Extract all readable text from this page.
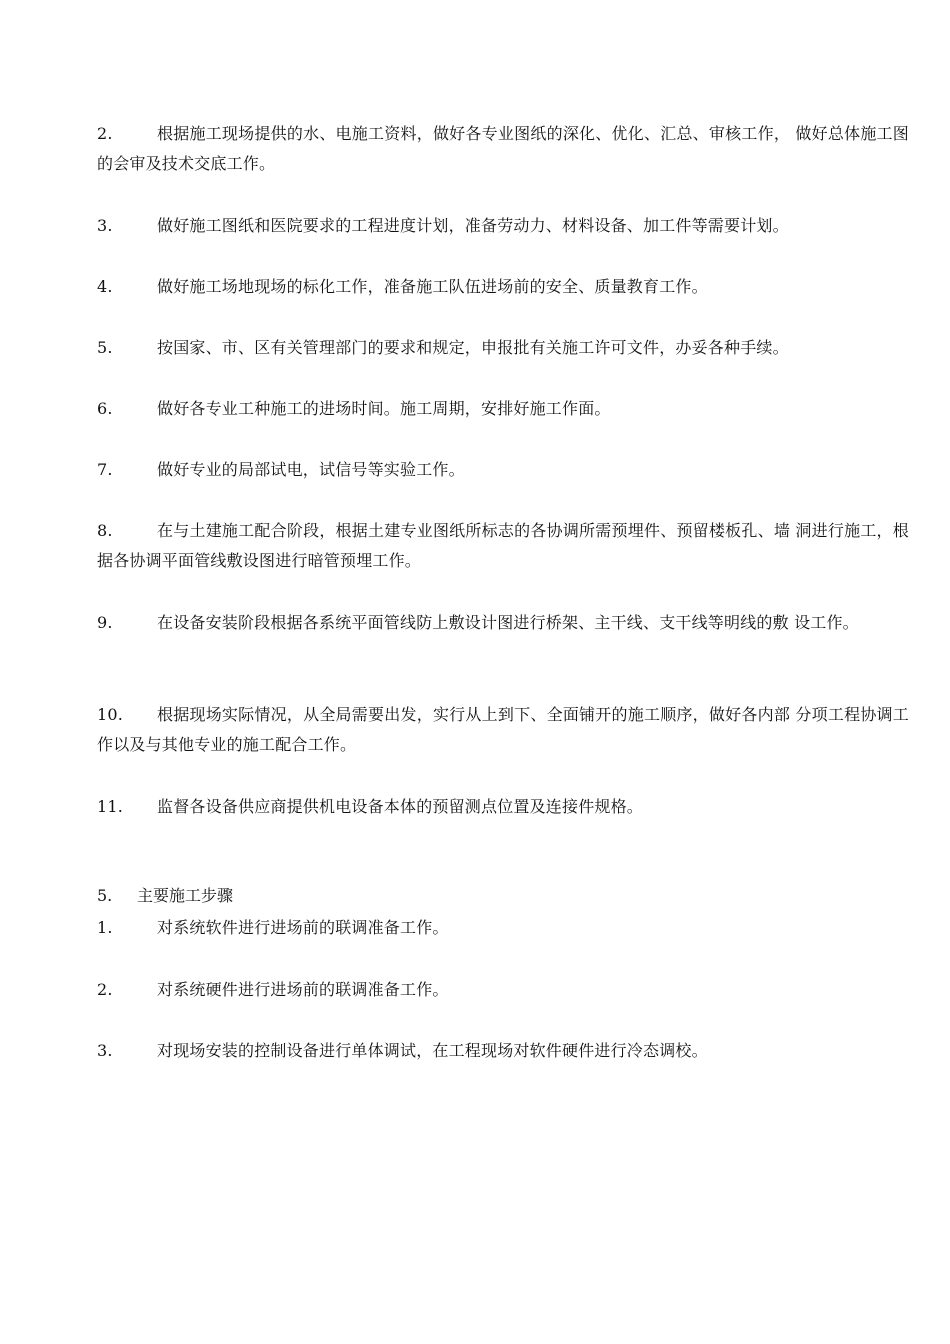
2.	根据施工现场提供的水、电施工资料，做好各专业图纸的深化、优化、汇总、审核工作， 做好总体施工图的会审及技术交底工作。
3.	做好施工图纸和医院要求的工程进度计划，准备劳动力、材料设备、加工件等需要计划。
4.	做好施工场地现场的标化工作，准备施工队伍进场前的安全、质量教育工作。
5.	按国家、市、区有关管理部门的要求和规定，申报批有关施工许可文件，办妥各种手续。
6.	做好各专业工种施工的进场时间。施工周期，安排好施工作面。
7.	做好专业的局部试电，试信号等实验工作。
8.	在与土建施工配合阶段，根据土建专业图纸所标志的各协调所需预埋件、预留楼板孔、墙 洞进行施工，根据各协调平面管线敷设图进行暗管预埋工作。
9.	在设备安装阶段根据各系统平面管线防上敷设计图进行桥架、主干线、支干线等明线的敷 设工作。
10.	根据现场实际情况，从全局需要出发，实行从上到下、全面铺开的施工顺序，做好各内部 分项工程协调工作以及与其他专业的施工配合工作。
11.	监督各设备供应商提供机电设备本体的预留测点位置及连接件规格。
5. 主要施工步骤
1.	对系统软件进行进场前的联调准备工作。
2.	对系统硬件进行进场前的联调准备工作。
3.	对现场安装的控制设备进行单体调试，在工程现场对软件硬件进行冷态调校。
